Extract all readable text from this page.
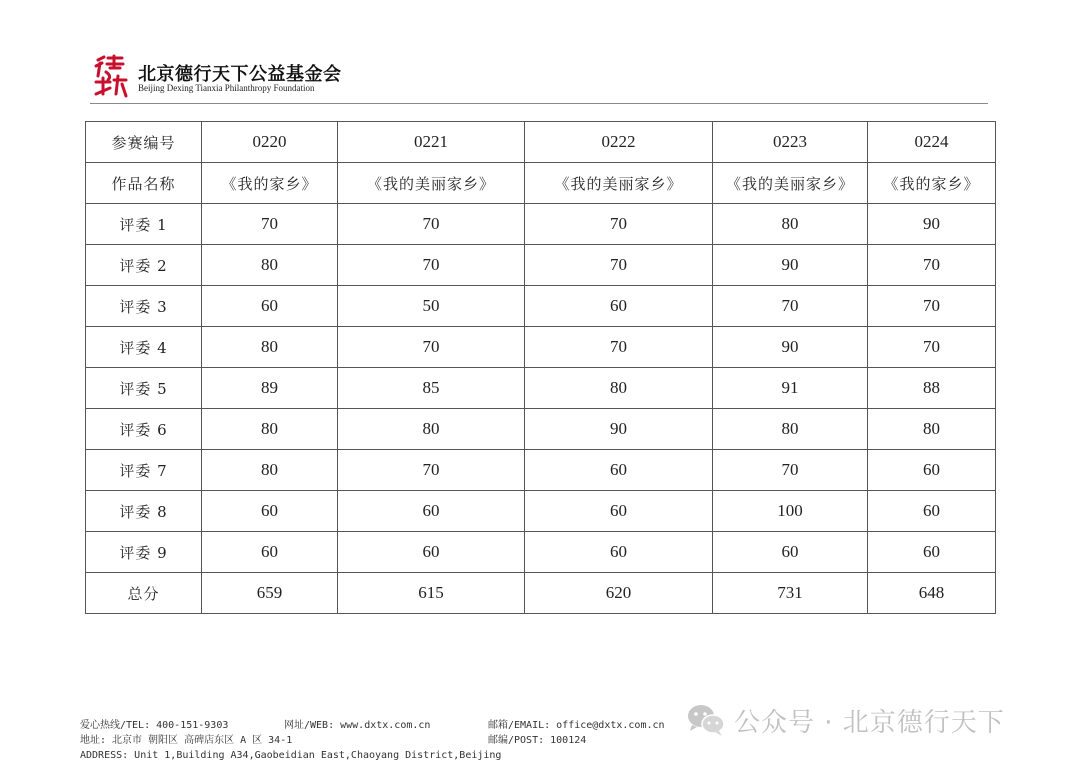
北京德行天下公益基金会
Beijing Dexing Tianxia Philanthropy Foundation
参赛编号	0220	0221	0222	0223	0224
作品名称	《我的家乡》	《我的美丽家乡》	《我的美丽家乡》	《我的美丽家乡》	《我的家乡》
评委 1	70	70	70	80	90
评委 2	80	70	70	90	70
评委 3	60	50	60	70	70
评委 4	80	70	70	90	70
评委 5	89	85	80	91	88
评委 6	80	80	90	80	80
评委 7	80	70	60	70	60
评委 8	60	60	60	100	60
评委 9	60	60	60	60	60
总分	659	615	620	731	648
爱心热线/TEL: 400-151-9303	网址/WEB: www.dxtx.com.cn	邮箱/EMAIL: office@dxtx.com.cn
地址: 北京市 朝阳区 高碑店东区 A 区 34-1	邮编/POST: 100124
ADDRESS: Unit 1,Building A34,Gaobeidian East,Chaoyang District,Beijing
公众号 · 北京德行天下
